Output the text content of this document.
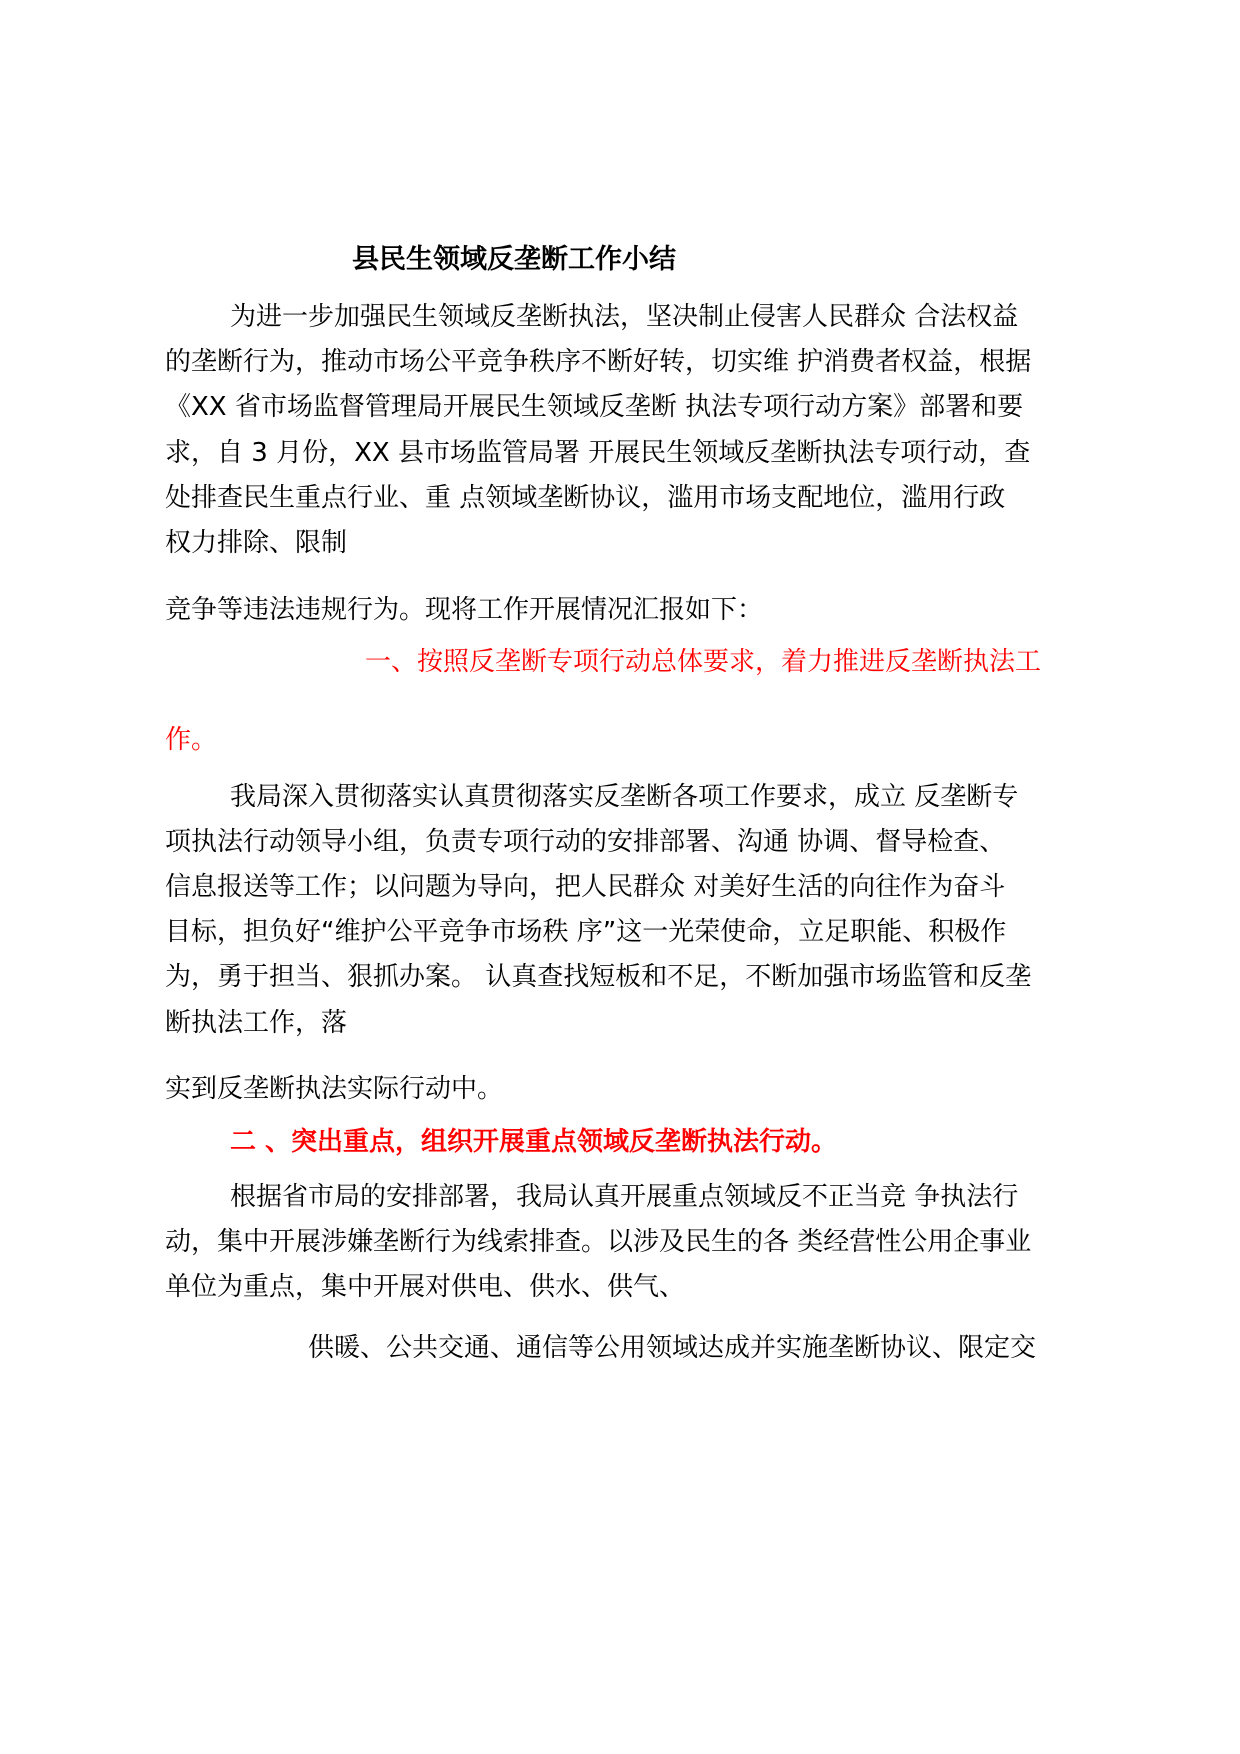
县民生领域反垄断工作小结
为进一步加强民生领域反垄断执法，坚决制止侵害人民群众 合法权益
的垄断行为，推动市场公平竞争秩序不断好转，切实维 护消费者权益，根据
《XX 省市场监督管理局开展民生领域反垄断 执法专项行动方案》部署和要
求，自 3 月份，XX 县市场监管局署 开展民生领域反垄断执法专项行动，查
处排查民生重点行业、重 点领域垄断协议，滥用市场支配地位，滥用行政
权力排除、限制
竞争等违法违规行为。现将工作开展情况汇报如下：
一、按照反垄断专项行动总体要求，着力推进反垄断执法工
作。
我局深入贯彻落实认真贯彻落实反垄断各项工作要求，成立 反垄断专
项执法行动领导小组，负责专项行动的安排部署、沟通 协调、督导检查、
信息报送等工作；以问题为导向，把人民群众 对美好生活的向往作为奋斗
目标，担负好“维护公平竞争市场秩 序”这一光荣使命，立足职能、积极作
为，勇于担当、狠抓办案。 认真查找短板和不足，不断加强市场监管和反垄
断执法工作，落
实到反垄断执法实际行动中。
二 、突出重点，组织开展重点领域反垄断执法行动。
根据省市局的安排部署，我局认真开展重点领域反不正当竞 争执法行
动，集中开展涉嫌垄断行为线索排查。以涉及民生的各 类经营性公用企事业
单位为重点，集中开展对供电、供水、供气、
供暖、公共交通、通信等公用领域达成并实施垄断协议、限定交
